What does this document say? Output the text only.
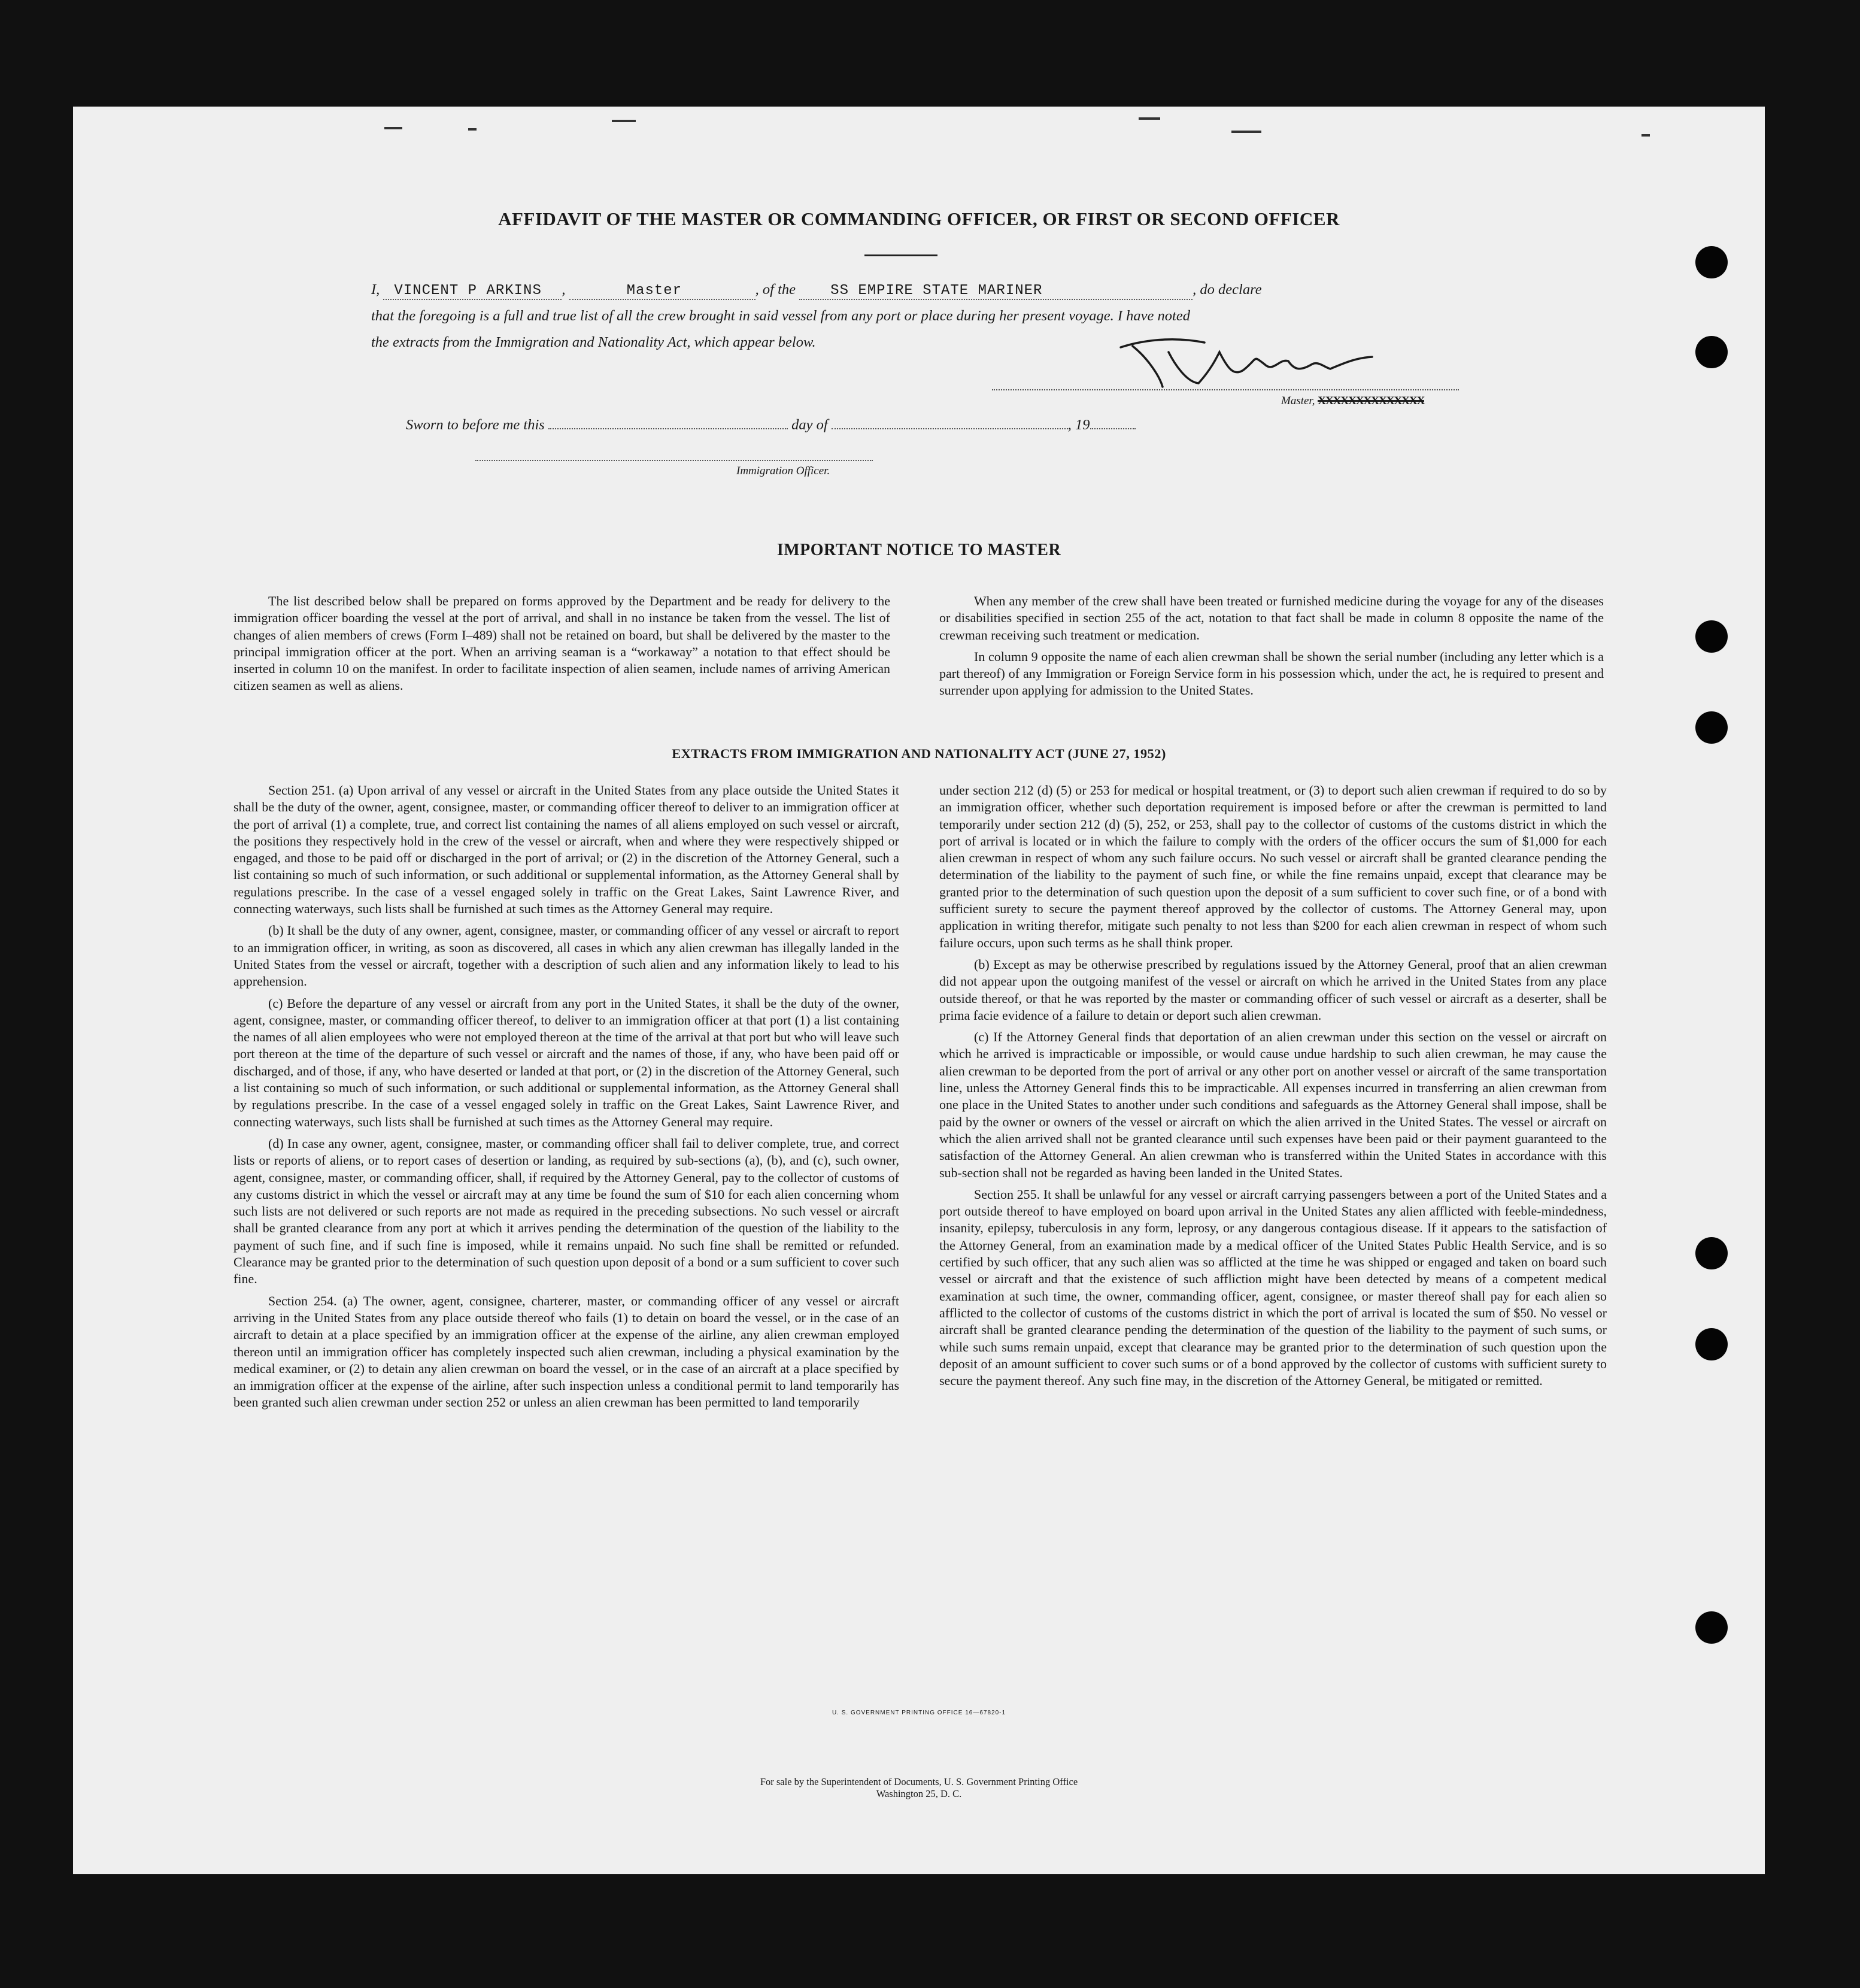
AFFIDAVIT OF THE MASTER OR COMMANDING OFFICER, OR FIRST OR SECOND OFFICER
I, VINCENT P ARKINS ,	Master	, of the SS EMPIRE STATE MARINER	, do declare
that the foregoing is a full and true list of all the crew brought in said vessel from any port or place during her present voyage. I have noted
the extracts from the Immigration and Nationality Act, which appear below.
Master, XXXXXXXXXXXXXX
Sworn to before me this	day of	, 19
Immigration Officer.
IMPORTANT NOTICE TO MASTER

The list described below shall be prepared on forms approved by the Department and be ready for delivery to the immigration officer boarding the vessel at the port of arrival, and shall in no instance be taken from the vessel. The list of changes of alien members of crews (Form I–489) shall not be retained on board, but shall be delivered by the master to the principal immigration officer at the port. When an arriving seaman is a “workaway” a notation to that effect should be inserted in column 10 on the manifest. In order to facilitate inspection of alien seamen, include names of arriving American citizen seamen as well as aliens.

When any member of the crew shall have been treated or furnished medicine during the voyage for any of the diseases or disabilities specified in section 255 of the act, notation to that fact shall be made in column 8 opposite the name of the crewman receiving such treatment or medication.

In column 9 opposite the name of each alien crewman shall be shown the serial number (including any letter which is a part thereof) of any Immigration or Foreign Service form in his possession which, under the act, he is required to present and surrender upon applying for admission to the United States.

EXTRACTS FROM IMMIGRATION AND NATIONALITY ACT (JUNE 27, 1952)

Section 251. (a) Upon arrival of any vessel or aircraft in the United States from any place outside the United States it shall be the duty of the owner, agent, consignee, master, or commanding officer thereof to deliver to an immigration officer at the port of arrival (1) a complete, true, and correct list containing the names of all aliens employed on such vessel or aircraft, the positions they respectively hold in the crew of the vessel or aircraft, when and where they were respectively shipped or engaged, and those to be paid off or discharged in the port of arrival; or (2) in the discretion of the Attorney General, such a list containing so much of such information, or such additional or supplemental information, as the Attorney General shall by regulations prescribe. In the case of a vessel engaged solely in traffic on the Great Lakes, Saint Lawrence River, and connecting waterways, such lists shall be furnished at such times as the Attorney General may require.

(b) It shall be the duty of any owner, agent, consignee, master, or commanding officer of any vessel or aircraft to report to an immigration officer, in writing, as soon as discovered, all cases in which any alien crewman has illegally landed in the United States from the vessel or aircraft, together with a description of such alien and any information likely to lead to his apprehension.

(c) Before the departure of any vessel or aircraft from any port in the United States, it shall be the duty of the owner, agent, consignee, master, or commanding officer thereof, to deliver to an immigration officer at that port (1) a list containing the names of all alien employees who were not employed thereon at the time of the arrival at that port but who will leave such port thereon at the time of the departure of such vessel or aircraft and the names of those, if any, who have been paid off or discharged, and of those, if any, who have deserted or landed at that port, or (2) in the discretion of the Attorney General, such a list containing so much of such information, or such additional or supplemental information, as the Attorney General shall by regulations prescribe. In the case of a vessel engaged solely in traffic on the Great Lakes, Saint Lawrence River, and connecting waterways, such lists shall be furnished at such times as the Attorney General may require.

(d) In case any owner, agent, consignee, master, or commanding officer shall fail to deliver complete, true, and correct lists or reports of aliens, or to report cases of desertion or landing, as required by sub-sections (a), (b), and (c), such owner, agent, consignee, master, or commanding officer, shall, if required by the Attorney General, pay to the collector of customs of any customs district in which the vessel or aircraft may at any time be found the sum of $10 for each alien concerning whom such lists are not delivered or such reports are not made as required in the preceding subsections. No such vessel or aircraft shall be granted clearance from any port at which it arrives pending the determination of the question of the liability to the payment of such fine, and if such fine is imposed, while it remains unpaid. No such fine shall be remitted or refunded. Clearance may be granted prior to the determination of such question upon deposit of a bond or a sum sufficient to cover such fine.

Section 254. (a) The owner, agent, consignee, charterer, master, or commanding officer of any vessel or aircraft arriving in the United States from any place outside thereof who fails (1) to detain on board the vessel, or in the case of an aircraft to detain at a place specified by an immigration officer at the expense of the airline, any alien crewman employed thereon until an immigration officer has completely inspected such alien crewman, including a physical examination by the medical examiner, or (2) to detain any alien crewman on board the vessel, or in the case of an aircraft at a place specified by an immigration officer at the expense of the airline, after such inspection unless a conditional permit to land temporarily has been granted such alien crewman under section 252 or unless an alien crewman has been permitted to land temporarily

under section 212 (d) (5) or 253 for medical or hospital treatment, or (3) to deport such alien crewman if required to do so by an immigration officer, whether such deportation requirement is imposed before or after the crewman is permitted to land temporarily under section 212 (d) (5), 252, or 253, shall pay to the collector of customs of the customs district in which the port of arrival is located or in which the failure to comply with the orders of the officer occurs the sum of $1,000 for each alien crewman in respect of whom any such failure occurs. No such vessel or aircraft shall be granted clearance pending the determination of the liability to the payment of such fine, or while the fine remains unpaid, except that clearance may be granted prior to the determination of such question upon the deposit of a sum sufficient to cover such fine, or of a bond with sufficient surety to secure the payment thereof approved by the collector of customs. The Attorney General may, upon application in writing therefor, mitigate such penalty to not less than $200 for each alien crewman in respect of whom such failure occurs, upon such terms as he shall think proper.

(b) Except as may be otherwise prescribed by regulations issued by the Attorney General, proof that an alien crewman did not appear upon the outgoing manifest of the vessel or aircraft on which he arrived in the United States from any place outside thereof, or that he was reported by the master or commanding officer of such vessel or aircraft as a deserter, shall be prima facie evidence of a failure to detain or deport such alien crewman.

(c) If the Attorney General finds that deportation of an alien crewman under this section on the vessel or aircraft on which he arrived is impracticable or impossible, or would cause undue hardship to such alien crewman, he may cause the alien crewman to be deported from the port of arrival or any other port on another vessel or aircraft of the same transportation line, unless the Attorney General finds this to be impracticable. All expenses incurred in transferring an alien crewman from one place in the United States to another under such conditions and safeguards as the Attorney General shall impose, shall be paid by the owner or owners of the vessel or aircraft on which the alien arrived in the United States. The vessel or aircraft on which the alien arrived shall not be granted clearance until such expenses have been paid or their payment guaranteed to the satisfaction of the Attorney General. An alien crewman who is transferred within the United States in accordance with this sub-section shall not be regarded as having been landed in the United States.

Section 255. It shall be unlawful for any vessel or aircraft carrying passengers between a port of the United States and a port outside thereof to have employed on board upon arrival in the United States any alien afflicted with feeble-mindedness, insanity, epilepsy, tuberculosis in any form, leprosy, or any dangerous contagious disease. If it appears to the satisfaction of the Attorney General, from an examination made by a medical officer of the United States Public Health Service, and is so certified by such officer, that any such alien was so afflicted at the time he was shipped or engaged and taken on board such vessel or aircraft and that the existence of such affliction might have been detected by means of a competent medical examination at such time, the owner, commanding officer, agent, consignee, or master thereof shall pay for each alien so afflicted to the collector of customs of the customs district in which the port of arrival is located the sum of $50. No vessel or aircraft shall be granted clearance pending the determination of the question of the liability to the payment of such sums, or while such sums remain unpaid, except that clearance may be granted prior to the determination of such question upon the deposit of an amount sufficient to cover such sums or of a bond approved by the collector of customs with sufficient surety to secure the payment thereof. Any such fine may, in the discretion of the Attorney General, be mitigated or remitted.

U. S. GOVERNMENT PRINTING OFFICE 16—67820-1
For sale by the Superintendent of Documents, U. S. Government Printing Office
Washington 25, D. C.
